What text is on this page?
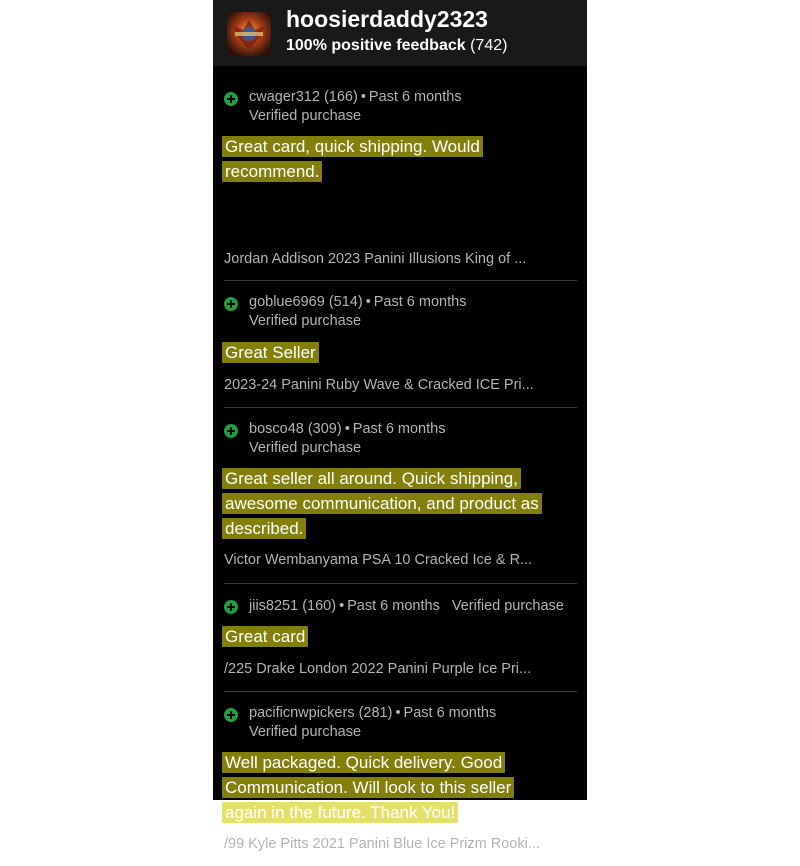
hoosierdaddy2323
100% positive feedback (742)
cwager312 (166) • Past 6 months
Verified purchase
Great card, quick shipping. Would
recommend.
Jordan Addison 2023 Panini Illusions King of ...
goblue6969 (514) • Past 6 months
Verified purchase
Great Seller
2023-24 Panini Ruby Wave & Cracked ICE Pri...
bosco48 (309) • Past 6 months
Verified purchase
Great seller all around. Quick shipping,
awesome communication, and product as
described.
Victor Wembanyama PSA 10 Cracked Ice & R...
jiis8251 (160) • Past 6 months Verified purchase
Great card
/225 Drake London 2022 Panini Purple Ice Pri...
pacificnwpickers (281) • Past 6 months
Verified purchase
Well packaged. Quick delivery. Good
Communication. Will look to this seller
again in the future. Thank You!
/99 Kyle Pitts 2021 Panini Blue Ice Prizm Rooki...
